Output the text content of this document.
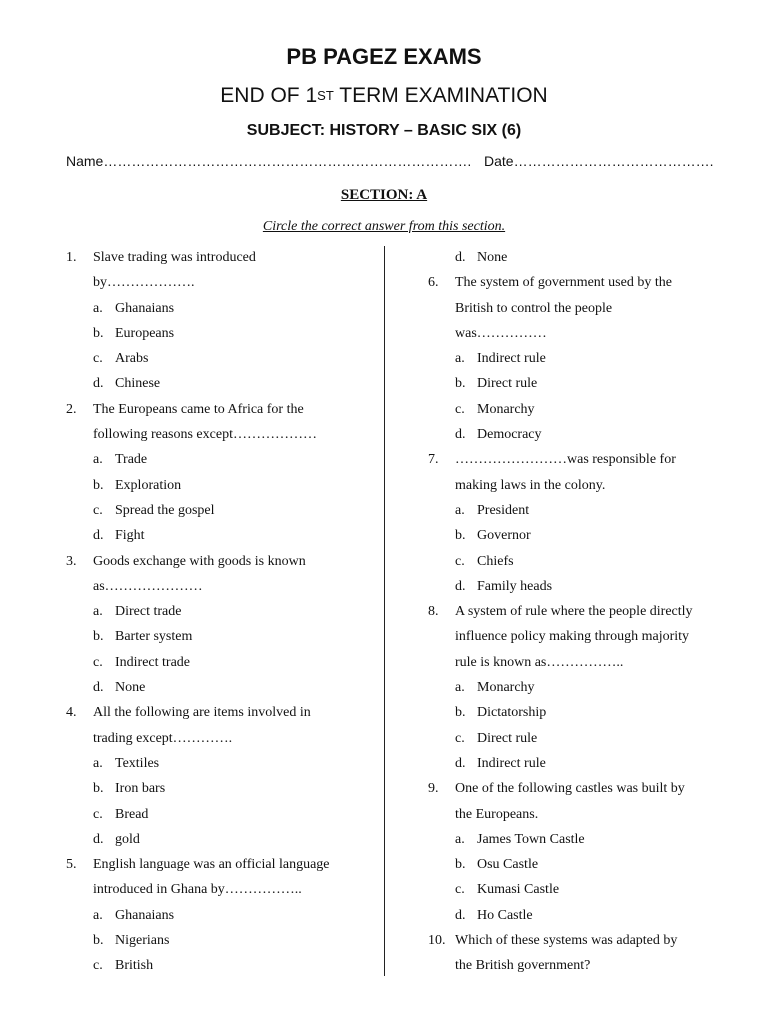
PB PAGEZ EXAMS
END OF 1ST TERM EXAMINATION
SUBJECT: HISTORY – BASIC SIX (6)
Name……………………………………………………………………. Date…………………………………….
SECTION: A
Circle the correct answer from this section.
1. Slave trading was introduced
by……………….
a. Ghanaians
b. Europeans
c. Arabs
d. Chinese
2. The Europeans came to Africa for the
following reasons except………………
a. Trade
b. Exploration
c. Spread the gospel
d. Fight
3. Goods exchange with goods is known
as…………………
a. Direct trade
b. Barter system
c. Indirect trade
d. None
4. All the following are items involved in
trading except………….
a. Textiles
b. Iron bars
c. Bread
d. gold
5. English language was an official language
introduced in Ghana by……………..
a. Ghanaians
b. Nigerians
c. British
d. None
6. The system of government used by the
British to control the people
was……………
a. Indirect rule
b. Direct rule
c. Monarchy
d. Democracy
7. ……………………was responsible for
making laws in the colony.
a. President
b. Governor
c. Chiefs
d. Family heads
8. A system of rule where the people directly
influence policy making through majority
rule is known as……………..
a. Monarchy
b. Dictatorship
c. Direct rule
d. Indirect rule
9. One of the following castles was built by
the Europeans.
a. James Town Castle
b. Osu Castle
c. Kumasi Castle
d. Ho Castle
10. Which of these systems was adapted by
the British government?
